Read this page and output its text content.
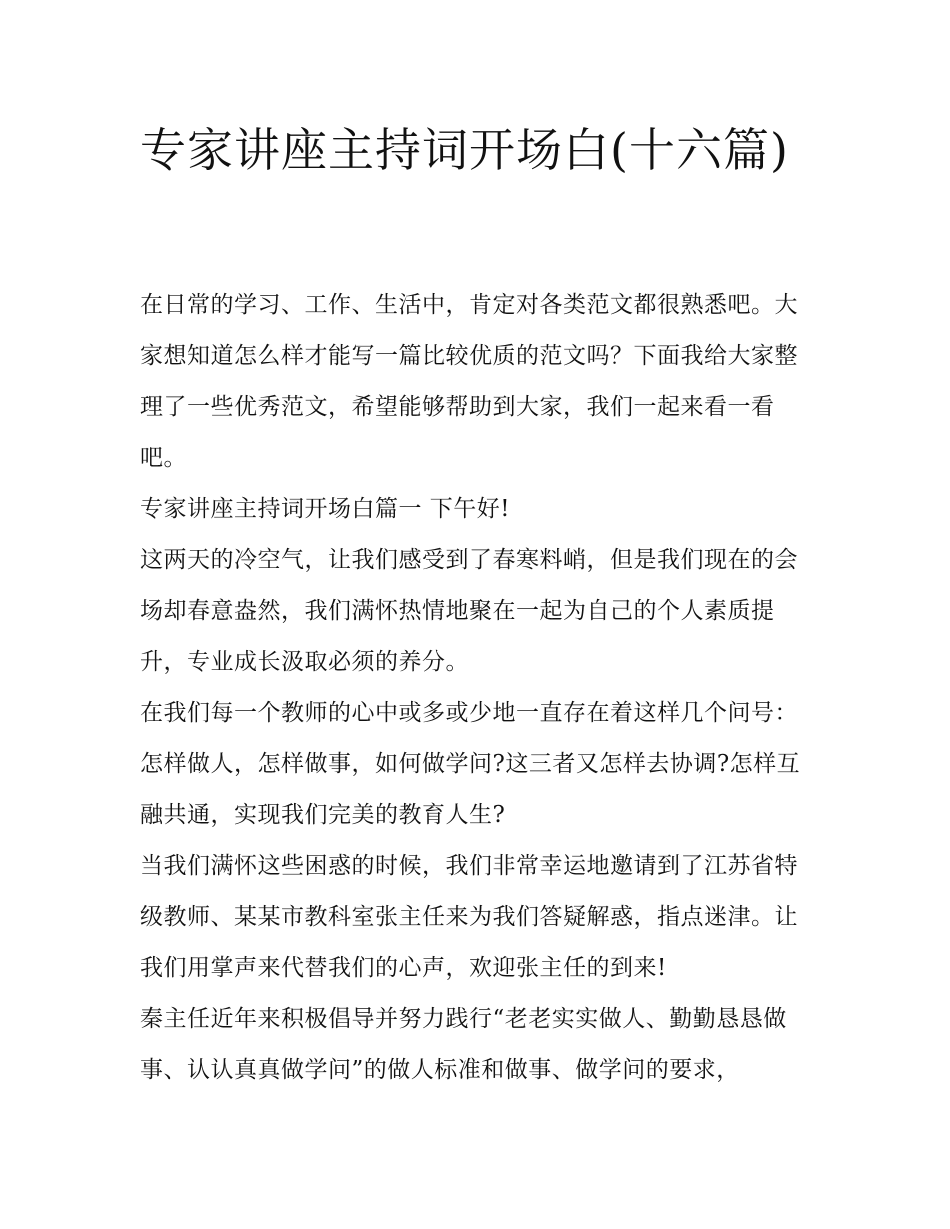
专家讲座主持词开场白(十六篇)

在日常的学习、工作、生活中，肯定对各类范文都很熟悉吧。大家想知道怎么样才能写一篇比较优质的范文吗？下面我给大家整理了一些优秀范文，希望能够帮助到大家，我们一起来看一看吧。

专家讲座主持词开场白篇一 下午好!

这两天的冷空气，让我们感受到了春寒料峭，但是我们现在的会场却春意盎然，我们满怀热情地聚在一起为自己的个人素质提升，专业成长汲取必须的养分。

在我们每一个教师的心中或多或少地一直存在着这样几个问号：怎样做人，怎样做事，如何做学问?这三者又怎样去协调?怎样互融共通，实现我们完美的教育人生?

当我们满怀这些困惑的时候，我们非常幸运地邀请到了江苏省特级教师、某某市教科室张主任来为我们答疑解惑，指点迷津。让我们用掌声来代替我们的心声，欢迎张主任的到来!

秦主任近年来积极倡导并努力践行“老老实实做人、勤勤恳恳做事、认认真真做学问”的做人标准和做事、做学问的要求，
